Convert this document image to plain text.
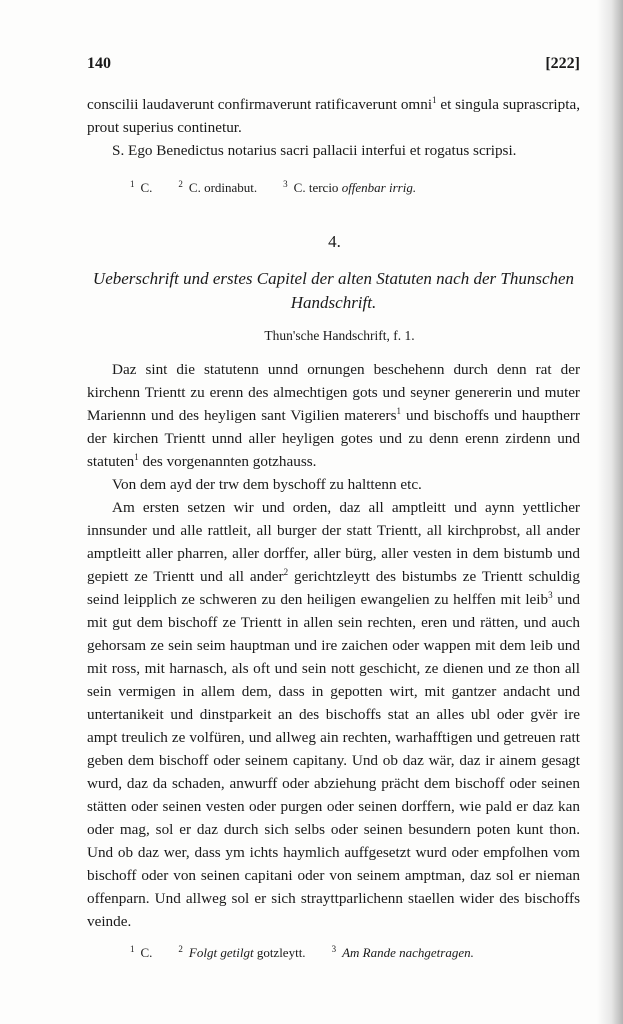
140	[222]

conscilii laudaverunt confirmaverunt ratificaverunt omni$^1$ et singula suprascripta, prout superius continetur.

S. Ego Benedictus notarius sacri pallacii interfui et rogatus scripsi.

$^1$ C.	$^2$ C. ordinabut.	$^3$ C. tercio offenbar irrig.
4.
Ueberschrift und erstes Capitel der alten Statuten nach der Thunschen Handschrift.
Thun'sche Handschrift, f. 1.

Daz sint die statutenn unnd ornungen beschehenn durch denn rat der kirchenn Trientt zu erenn des almechtigen gots und seyner genererin und muter Mariennn und des heyligen sant Vigilien materers$^1$ und bischoffs und hauptherr der kirchen Trientt unnd aller heyligen gotes und zu denn erenn zirdenn und statuten$^1$ des vorgenannten gotzhauss.

Von dem ayd der trw dem byschoff zu halttenn etc.

Am ersten setzen wir und orden, daz all amptleitt und aynn yettlicher innsunder und alle rattleit, all burger der statt Trientt, all kirchprobst, all ander amptleitt aller pharren, aller dorffer, aller bürg, aller vesten in dem bistumb und gepiett ze Trientt und all ander$^2$ gerichtzleytt des bistumbs ze Trientt schuldig seind leipplich ze schweren zu den heiligen ewangelien zu helffen mit leib$^3$ und mit gut dem bischoff ze Trientt in allen sein rechten, eren und rätten, und auch gehorsam ze sein seim hauptman und ire zaichen oder wappen mit dem leib und mit ross, mit harnasch, als oft und sein nott geschicht, ze dienen und ze thon all sein vermigen in allem dem, dass in gepotten wirt, mit gantzer andacht und untertanikeit und dinstparkeit an des bischoffs stat an alles ubl oder gvër ire ampt treulich ze volfüren, und allweg ain rechten, warhafftigen und getreuen ratt geben dem bischoff oder seinem capitany. Und ob daz wär, daz ir ainem gesagt wurd, daz da schaden, anwurff oder abziehung prächt dem bischoff oder seinen stätten oder seinen vesten oder purgen oder seinen dorffern, wie pald er daz kan oder mag, sol er daz durch sich selbs oder seinen besundern poten kunt thon. Und ob daz wer, dass ym ichts haymlich auffgesetzt wurd oder empfolhen vom bischoff oder von seinen capitani oder von seinem amptman, daz sol er nieman offenparn. Und allweg sol er sich strayttparlichenn staellen wider des bischoffs veinde.

$^1$ C.	$^2$ Folgt getilgt gotzleytt.	$^3$ Am Rande nachgetragen.
